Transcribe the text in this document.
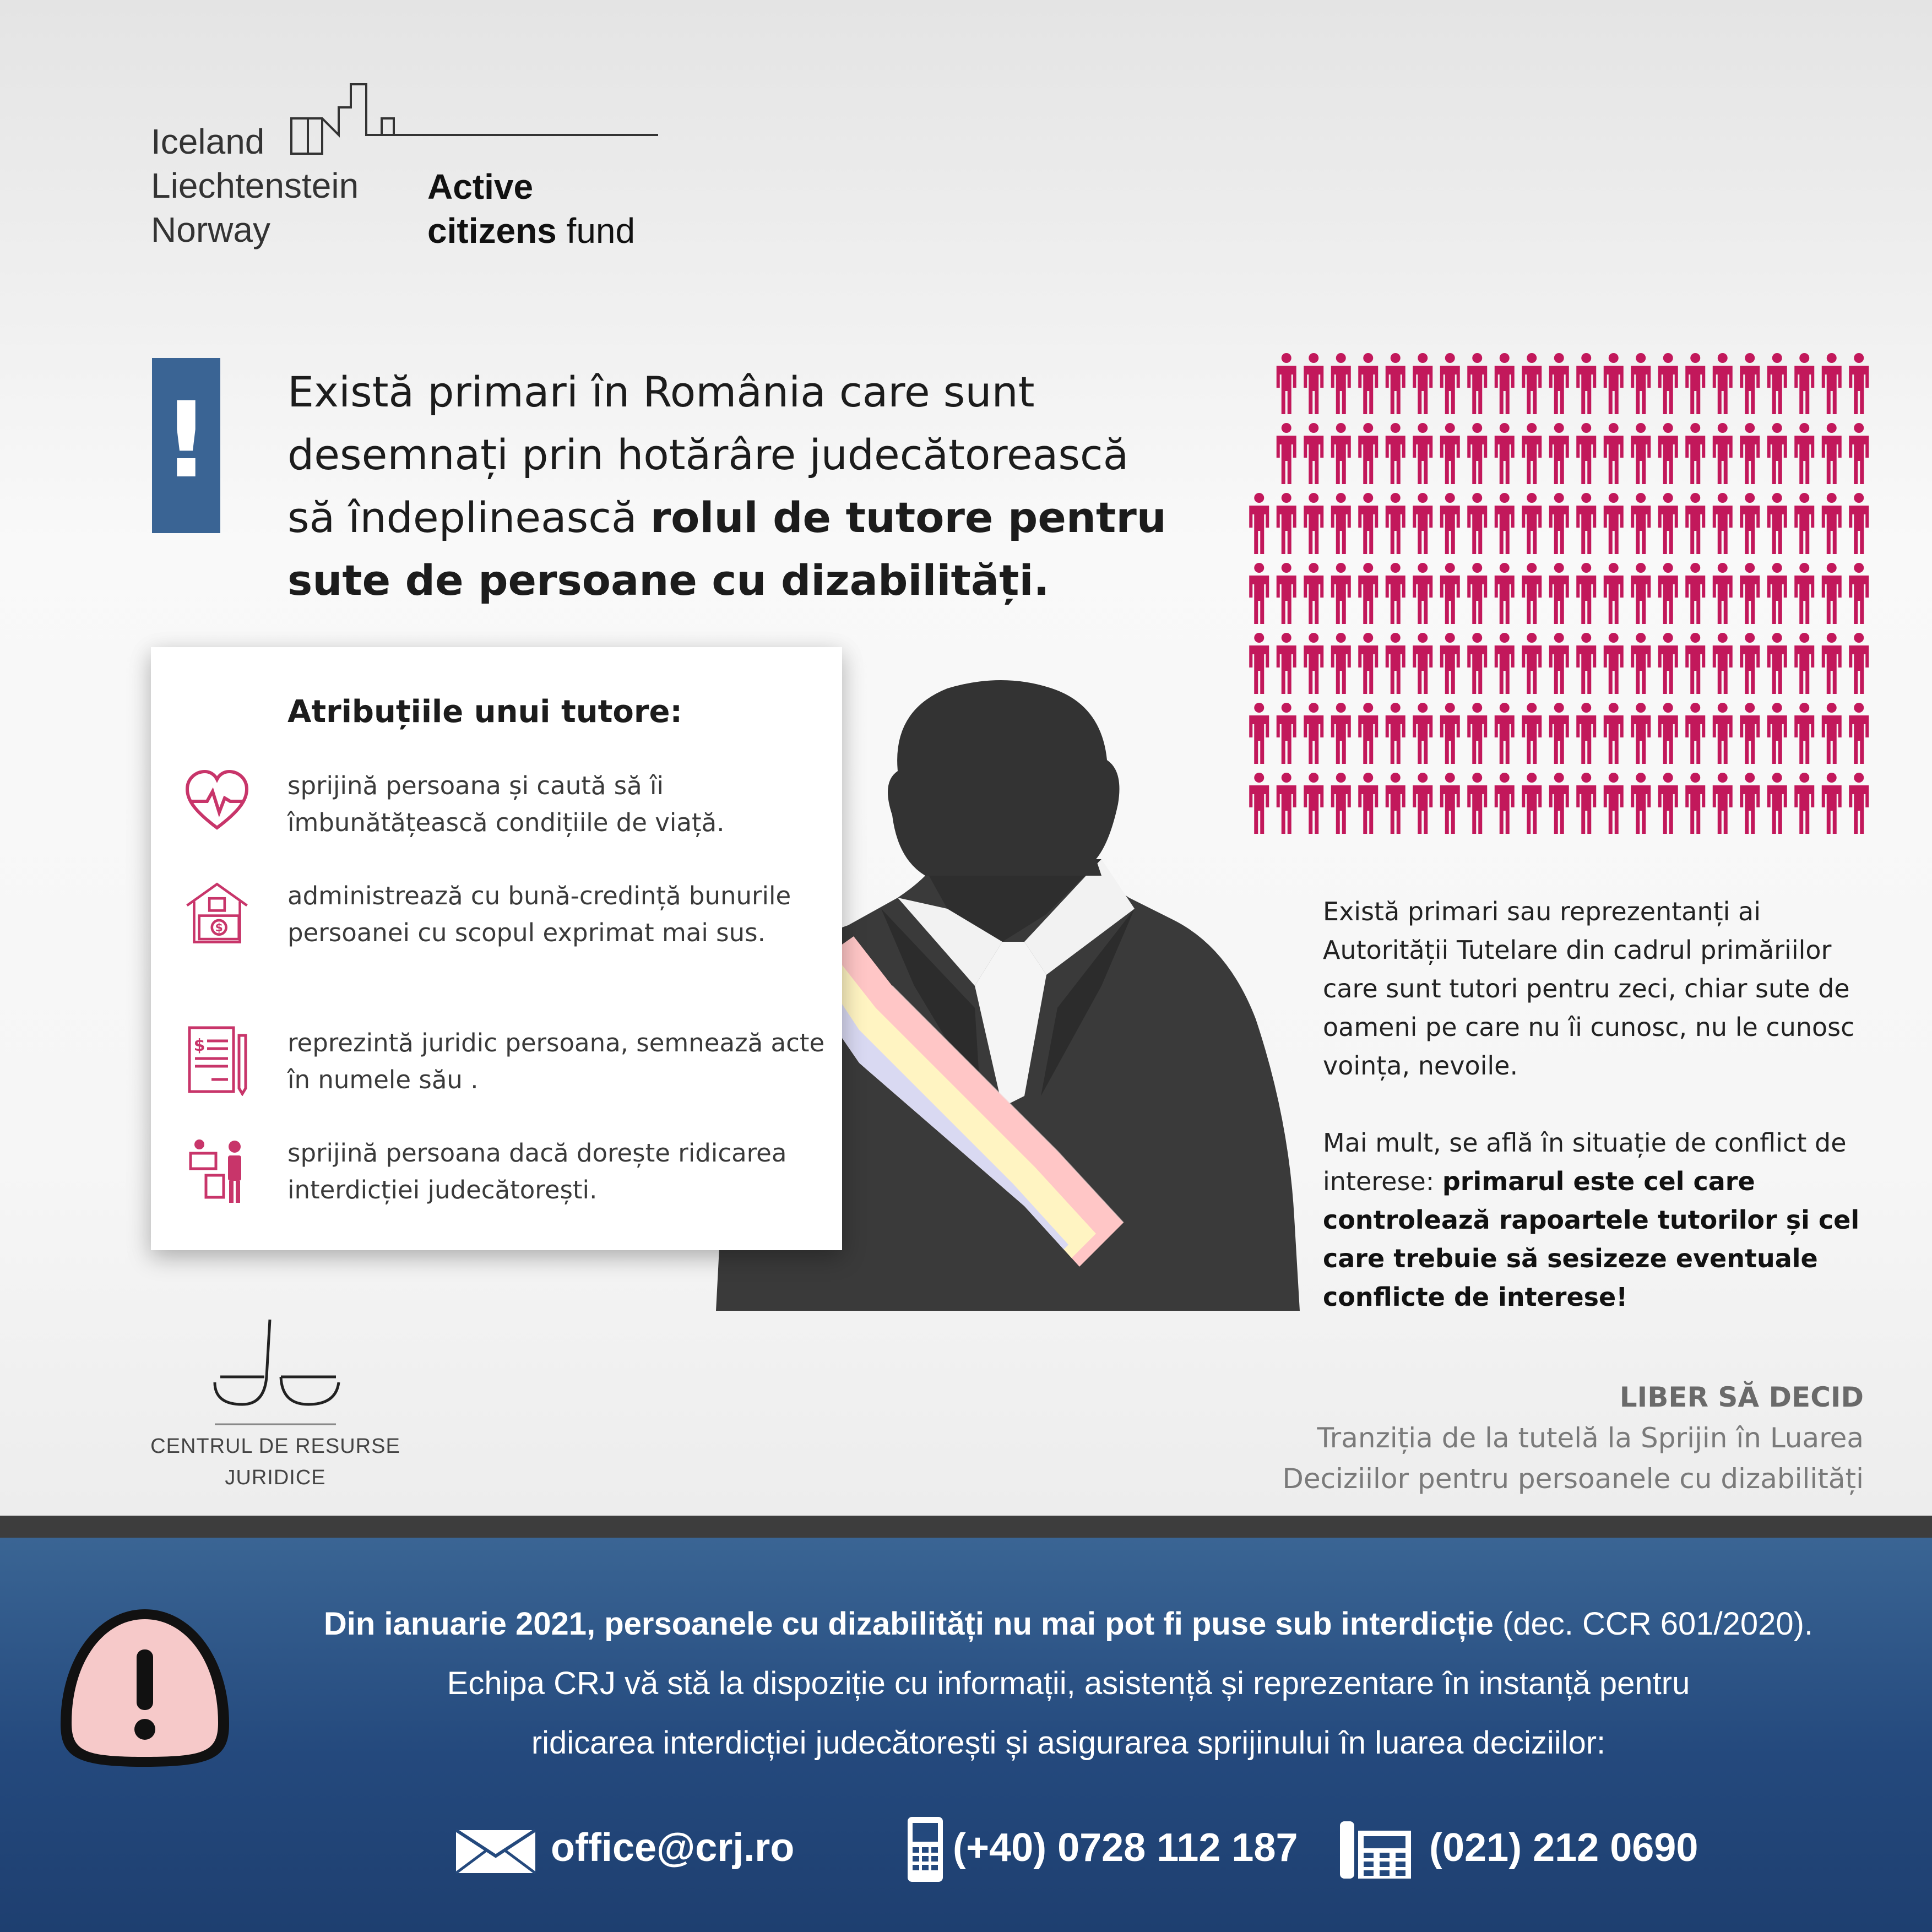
Iceland
Liechtenstein
Norway
Active
citizens fund
! Există primari în România care sunt desemnați prin hotărâre judecătorească să îndeplinească rolul de tutore pentru sute de persoane cu dizabilități.
Atribuțiile unui tutore:
sprijină persoana și caută să îi îmbunătățească condițiile de viață.
$
administrează cu bună-credință bunurile persoanei cu scopul exprimat mai sus.
$	reprezintă juridic persoana, semnează acte în numele său .
sprijină persoana dacă dorește ridicarea interdicției judecătorești.

Există primari sau reprezentanți ai Autorității Tutelare din cadrul primăriilor care sunt tutori pentru zeci, chiar sute de oameni pe care nu îi cunosc, nu le cunosc voința, nevoile.

Mai mult, se află în situație de conflict de interese: primarul este cel care controlează rapoartele tutorilor și cel care trebuie să sesizeze eventuale conflicte de interese!

CENTRUL DE RESURSE
JURIDICE
LIBER SĂ DECID
Tranziția de la tutelă la Sprijin în Luarea
Deciziilor pentru persoanele cu dizabilități
Din ianuarie 2021, persoanele cu dizabilități nu mai pot fi puse sub interdicție (dec. CCR 601/2020).
Echipa CRJ vă stă la dispoziție cu informații, asistență și reprezentare în instanță pentru
ridicarea interdicției judecătorești și asigurarea sprijinului în luarea deciziilor:
office@crj.ro	(+40) 0728 112 187	(021) 212 0690
